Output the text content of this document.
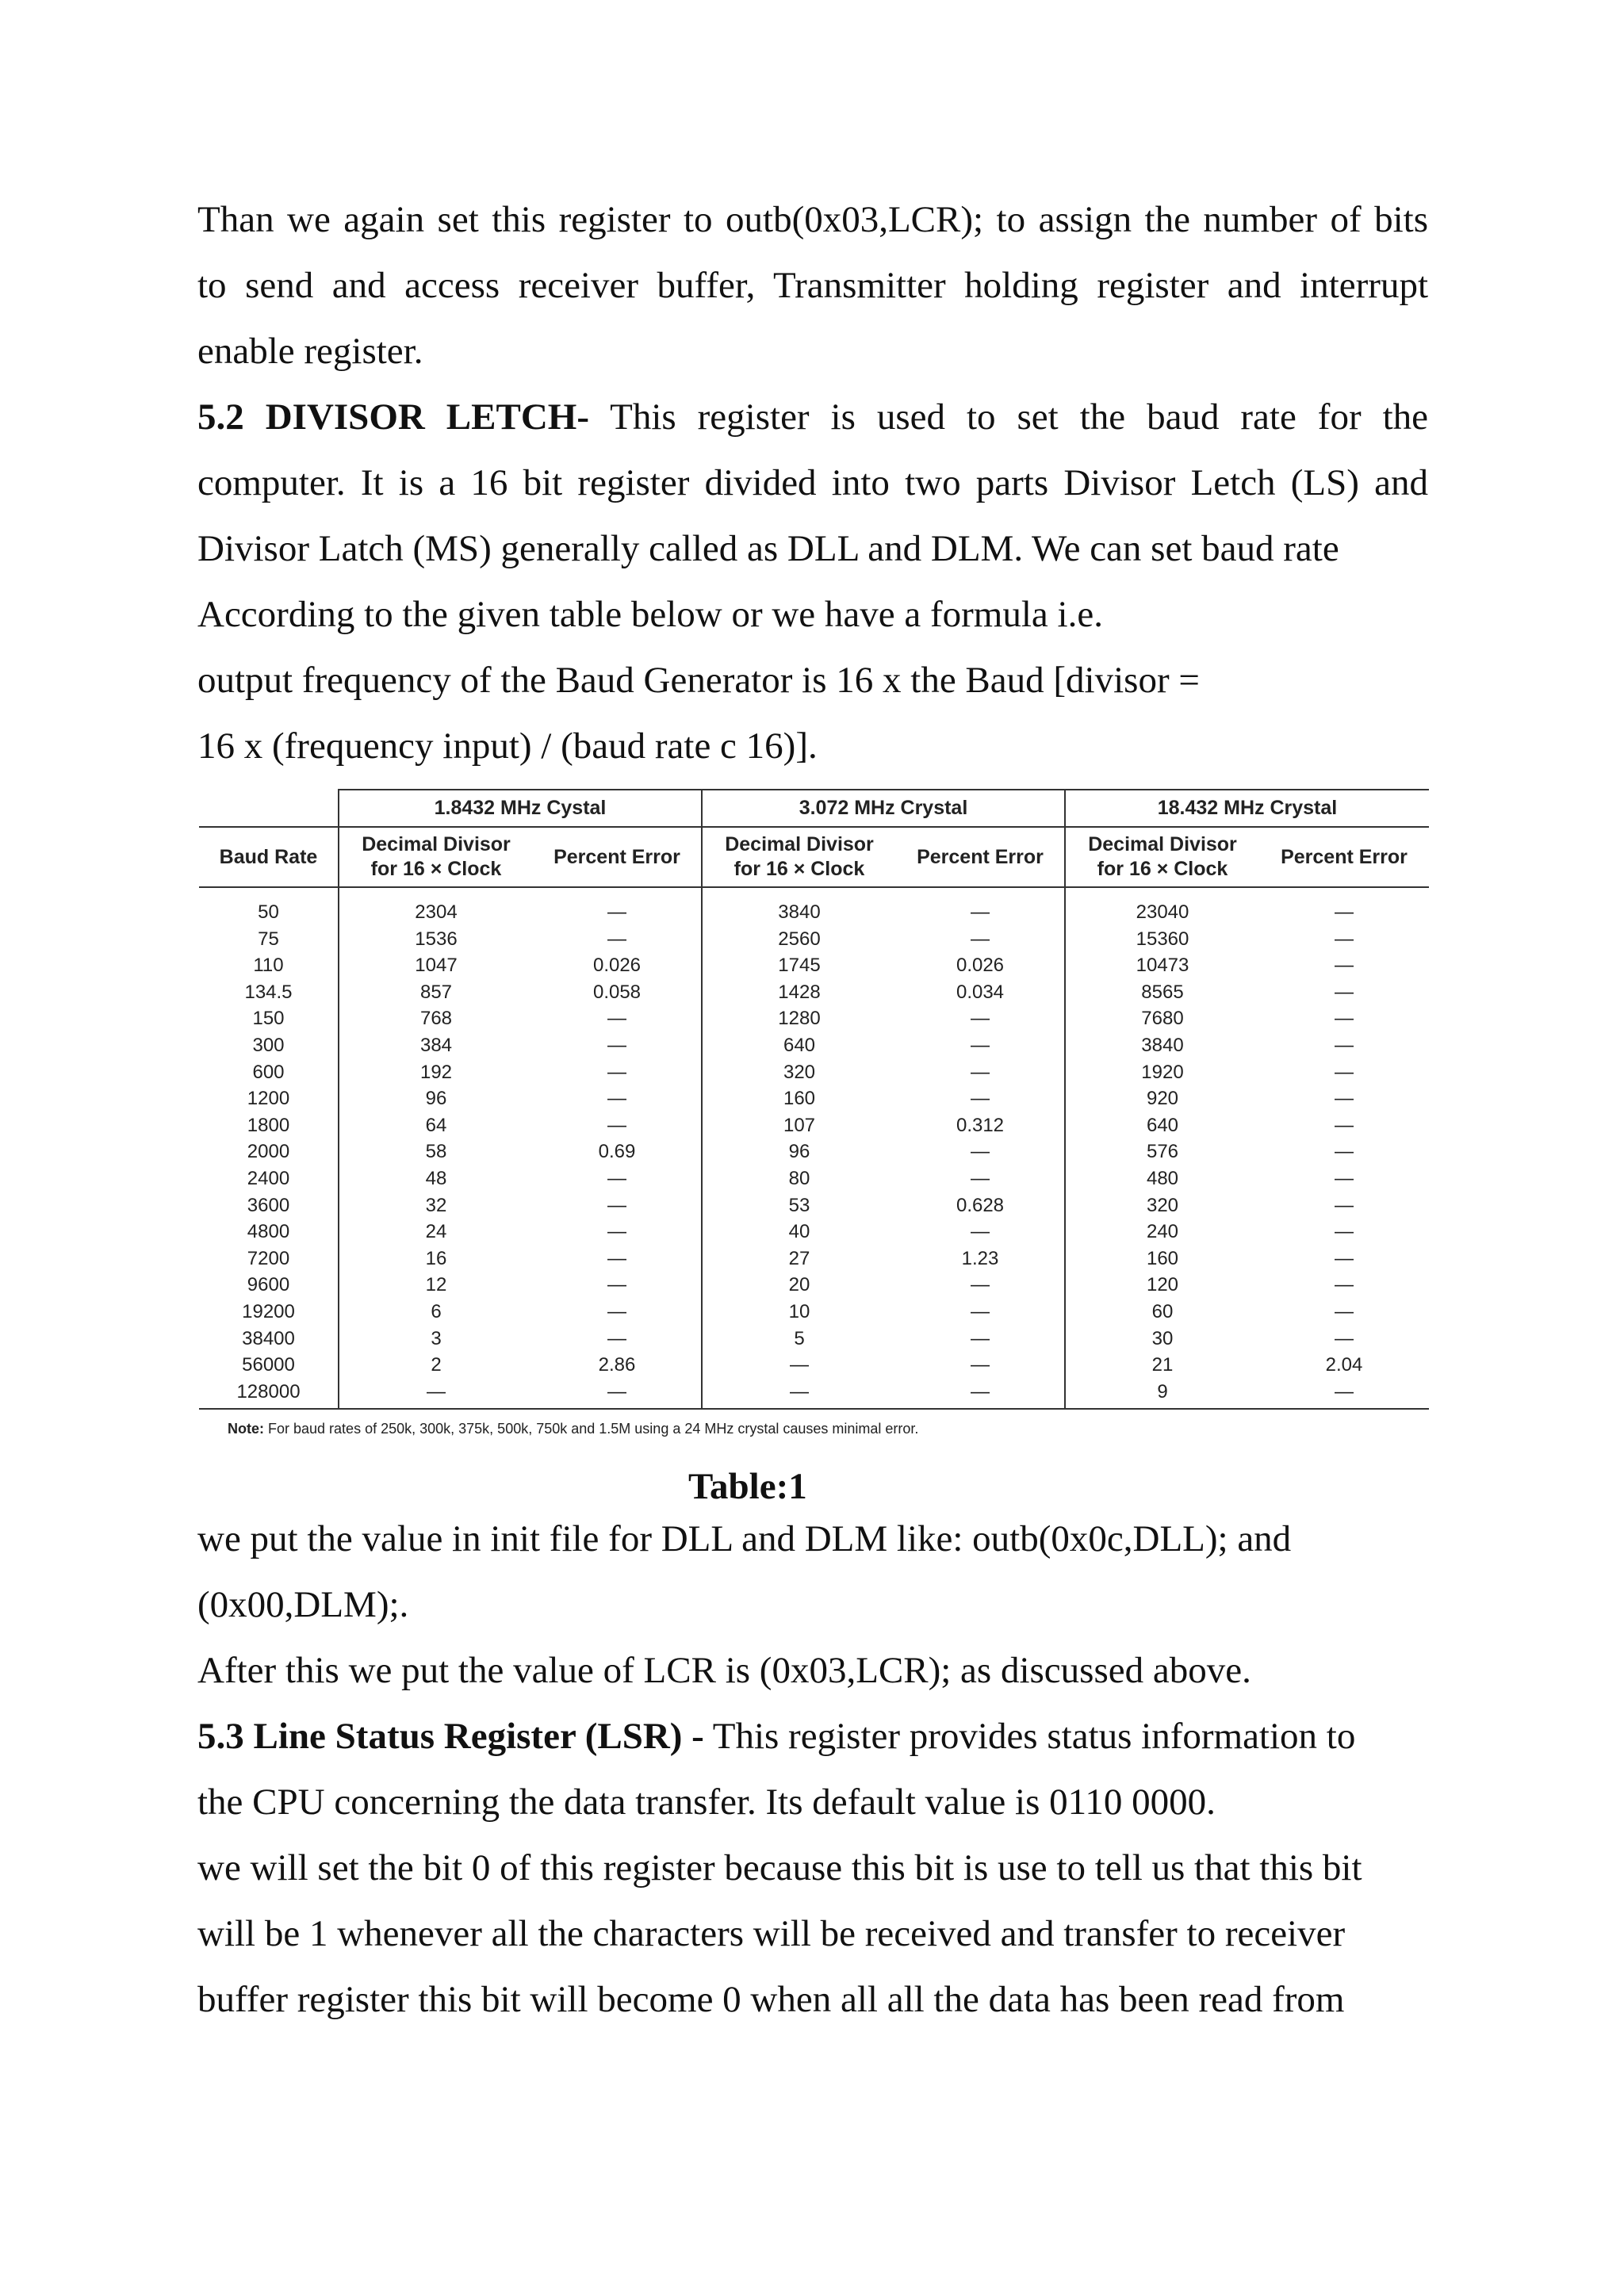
Than we again set this register to outb(0x03,LCR); to assign the number of bits
to send and access receiver buffer, Transmitter holding register and interrupt
enable register.
5.2 DIVISOR LETCH- This register is used to set the baud rate for the
computer. It is a 16 bit register divided into two parts Divisor Letch (LS) and
Divisor Latch (MS) generally called as DLL and DLM. We can set baud rate
According to the given table below or we have a formula i.e.
output frequency of the Baud Generator is 16 x the Baud [divisor =
16 x (frequency input) / (baud rate c 16)].
	1.8432 MHz Cystal		3.072 MHz Crystal		18.432 MHz Crystal	
Baud Rate	Decimal Divisor
for 16 × Clock	Percent Error	Decimal Divisor
for 16 × Clock	Percent Error	Decimal Divisor
for 16 × Clock	Percent Error
50	2304	—	3840	—	23040	—
75	1536	—	2560	—	15360	—
110	1047	0.026	1745	0.026	10473	—
134.5	857	0.058	1428	0.034	8565	—
150	768	—	1280	—	7680	—
300	384	—	640	—	3840	—
600	192	—	320	—	1920	—
1200	96	—	160	—	920	—
1800	64	—	107	0.312	640	—
2000	58	0.69	96	—	576	—
2400	48	—	80	—	480	—
3600	32	—	53	0.628	320	—
4800	24	—	40	—	240	—
7200	16	—	27	1.23	160	—
9600	12	—	20	—	120	—
19200	6	—	10	—	60	—
38400	3	—	5	—	30	—
56000	2	2.86	—	—	21	2.04
128000	—	—	—	—	9	—
Note: For baud rates of 250k, 300k, 375k, 500k, 750k and 1.5M using a 24 MHz crystal causes minimal error.
Table:1
we put the value in init file for DLL and DLM like: outb(0x0c,DLL); and
(0x00,DLM);.
After this we put the value of LCR is (0x03,LCR); as discussed above.
5.3 Line Status Register (LSR) - This register provides status information to
the CPU concerning the data transfer. Its default value is 0110 0000.
we will set the bit 0 of this register because this bit is use to tell us that this bit
will be 1 whenever all the characters will be received and transfer to receiver
buffer register this bit will become 0 when all all the data has been read from
